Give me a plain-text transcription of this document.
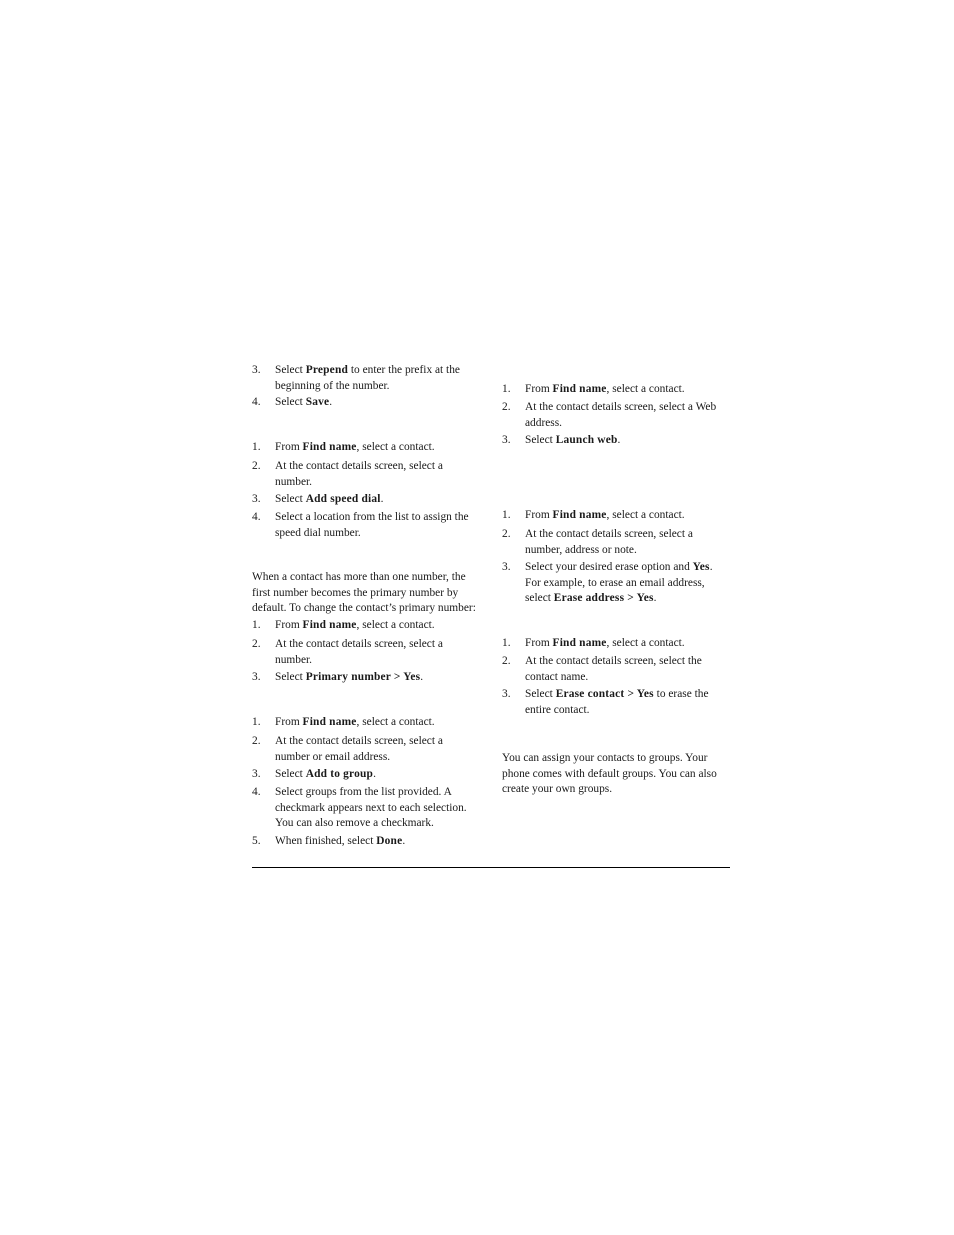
3. Select Prepend to enter the prefix at the beginning of the number.
4. Select Save.
1. From Find name, select a contact.
2. At the contact details screen, select a number.
3. Select Add speed dial.
4. Select a location from the list to assign the speed dial number.
When a contact has more than one number, the first number becomes the primary number by default. To change the contact’s primary number:
1. From Find name, select a contact.
2. At the contact details screen, select a number.
3. Select Primary number > Yes.
1. From Find name, select a contact.
2. At the contact details screen, select a number or email address.
3. Select Add to group.
4. Select groups from the list provided. A checkmark appears next to each selection. You can also remove a checkmark.
5. When finished, select Done.
1. From Find name, select a contact.
2. At the contact details screen, select a Web address.
3. Select Launch web.
1. From Find name, select a contact.
2. At the contact details screen, select a number, address or note.
3. Select your desired erase option and Yes. For example, to erase an email address, select Erase address > Yes.
1. From Find name, select a contact.
2. At the contact details screen, select the contact name.
3. Select Erase contact > Yes to erase the entire contact.
You can assign your contacts to groups. Your phone comes with default groups. You can also create your own groups.
